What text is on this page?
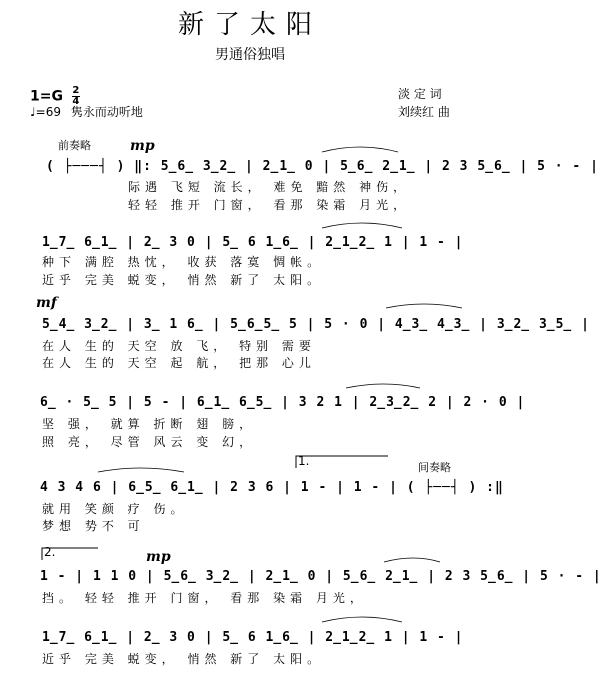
新了太阳
男通俗独唱
$1=G \frac{2}{4}$
♩=69 隽永而动听地
淡 定 词
刘续红 曲
前奏略	mp
( ├───┤ ) ‖: 5̲6̲ 3̲2̲ | 2̲1̲ 0 | 5̲6̲ 2̲1̲ | 2 3 5̲6̲ | 5 · - |
际遇 飞短 流长， 难免 黯然 神伤，
轻轻 推开 门窗， 看那 染霜 月光，
1̲7̲ 6̲1̲ | 2̲ 3 0 | 5̲ 6 1̲6̲ | 2̲1̲2̲ 1 | 1 - |
种下 满腔 热忱， 收获 落寞 惆帐。
近乎 完美 蜕变， 悄然 新了 太阳。
mf
5̲4̲ 3̲2̲ | 3̲ 1 6̲ | 5̲6̲5̲ 5 | 5 · 0 | 4̲3̲ 4̲3̲ | 3̲2̲ 3̲5̲ |
在人 生的 天空 放 飞， 特别 需要
在人 生的 天空 起 航， 把那 心儿
6̲ · 5̲ 5 | 5 - | 6̲1̲ 6̲5̲ | 3 2 1 | 2̲3̲2̲ 2 | 2 · 0 |
坚 强， 就算 折断 翅 膀，
照 亮， 尽管 风云 变 幻，
1.	间奏略
4 3 4 6 | 6̲5̲ 6̲1̲ | 2 3 6 | 1 - | 1 - | ( ├──┤ ) :‖
就用 笑颜 疗 伤。
梦想 势不 可
2.	mp
1 - | 1 1 0 | 5̲6̲ 3̲2̲ | 2̲1̲ 0 | 5̲6̲ 2̲1̲ | 2 3 5̲6̲ | 5 · - |
挡。 轻轻 推开 门窗， 看那 染霜 月光，
1̲7̲ 6̲1̲ | 2̲ 3 0 | 5̲ 6 1̲6̲ | 2̲1̲2̲ 1 | 1 - |
近乎 完美 蜕变， 悄然 新了 太阳。
